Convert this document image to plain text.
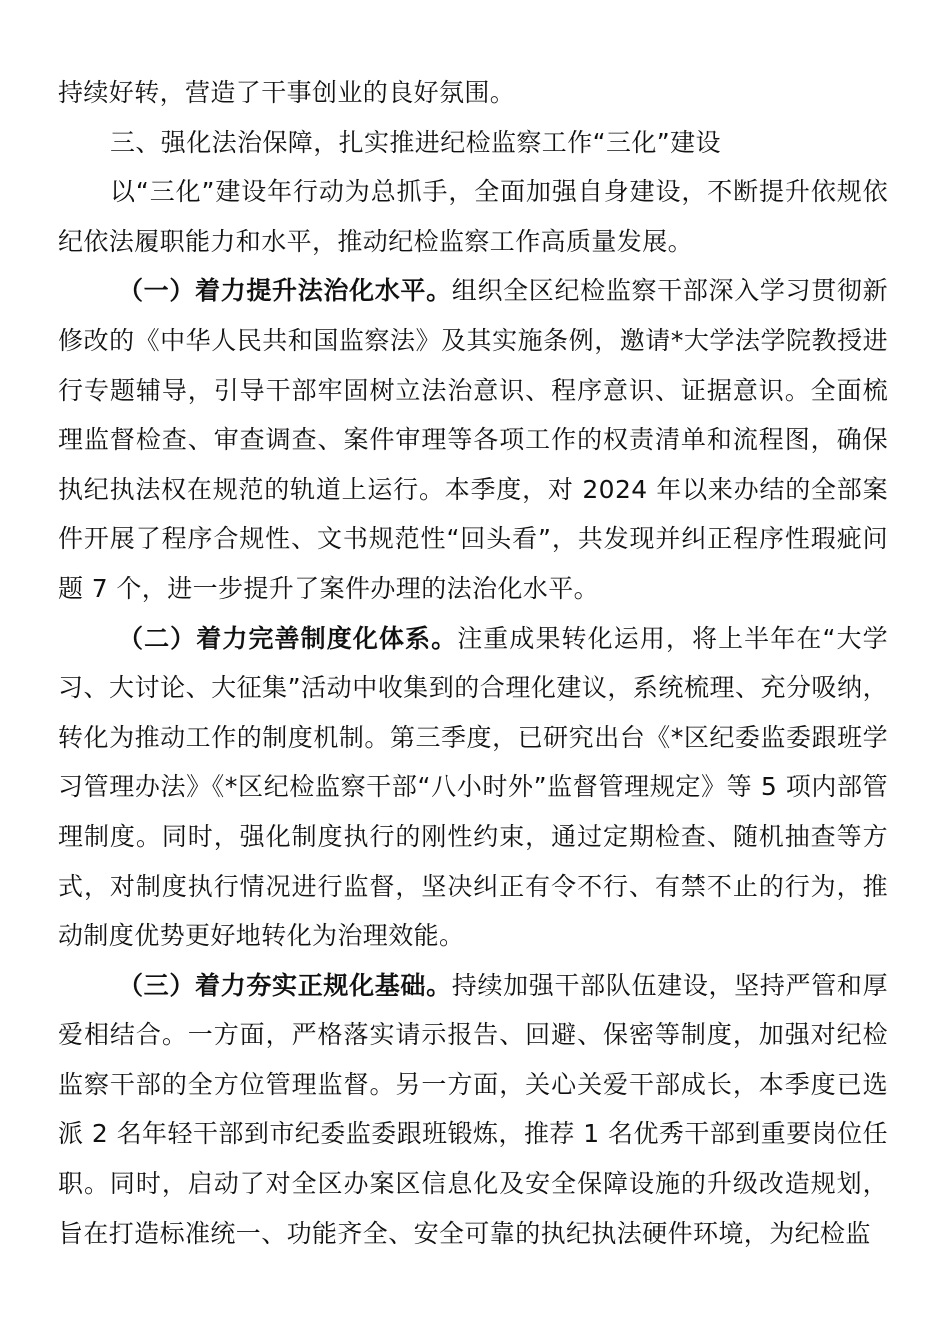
持续好转，营造了干事创业的良好氛围。

三、强化法治保障，扎实推进纪检监察工作“三化”建设

以“三化”建设年行动为总抓手，全面加强自身建设，不断提升依规依纪依法履职能力和水平，推动纪检监察工作高质量发展。

（一）着力提升法治化水平。组织全区纪检监察干部深入学习贯彻新修改的《中华人民共和国监察法》及其实施条例，邀请*大学法学院教授进行专题辅导，引导干部牢固树立法治意识、程序意识、证据意识。全面梳理监督检查、审查调查、案件审理等各项工作的权责清单和流程图，确保执纪执法权在规范的轨道上运行。本季度，对 2024 年以来办结的全部案件开展了程序合规性、文书规范性“回头看”，共发现并纠正程序性瑕疵问题 7 个，进一步提升了案件办理的法治化水平。

（二）着力完善制度化体系。注重成果转化运用，将上半年在“大学习、大讨论、大征集”活动中收集到的合理化建议，系统梳理、充分吸纳，转化为推动工作的制度机制。第三季度，已研究出台《*区纪委监委跟班学习管理办法》《*区纪检监察干部“八小时外”监督管理规定》等 5 项内部管理制度。同时，强化制度执行的刚性约束，通过定期检查、随机抽查等方式，对制度执行情况进行监督，坚决纠正有令不行、有禁不止的行为，推动制度优势更好地转化为治理效能。

（三）着力夯实正规化基础。持续加强干部队伍建设，坚持严管和厚爱相结合。一方面，严格落实请示报告、回避、保密等制度，加强对纪检监察干部的全方位管理监督。另一方面，关心关爱干部成长，本季度已选派 2 名年轻干部到市纪委监委跟班锻炼，推荐 1 名优秀干部到重要岗位任职。同时，启动了对全区办案区信息化及安全保障设施的升级改造规划，旨在打造标准统一、功能齐全、安全可靠的执纪执法硬件环境，为纪检监
